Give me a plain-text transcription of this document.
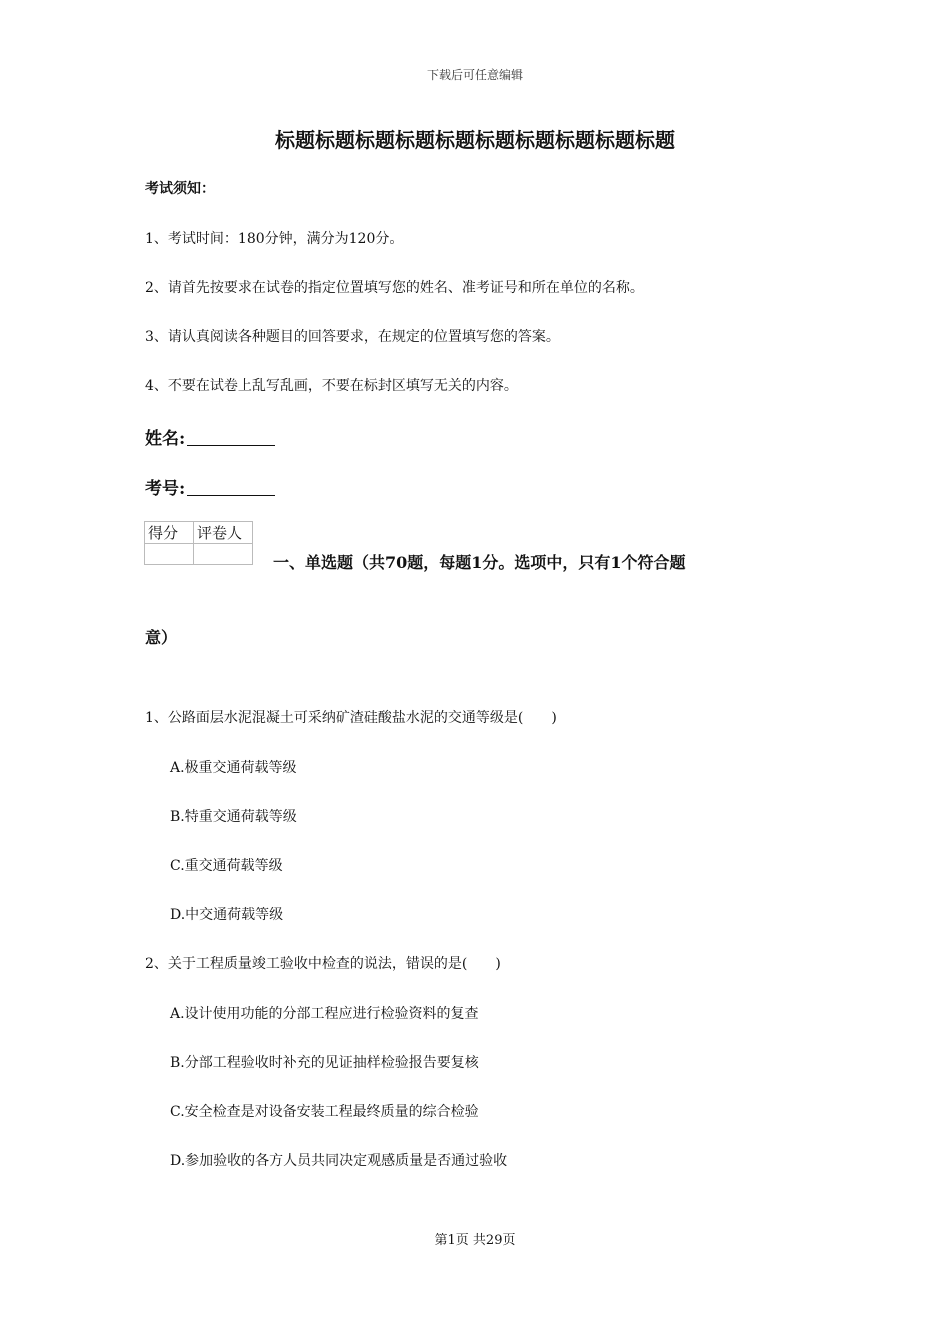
下载后可任意编辑
标题标题标题标题标题标题标题标题标题标题
考试须知：
1、考试时间：180分钟，满分为120分。
2、请首先按要求在试卷的指定位置填写您的姓名、准考证号和所在单位的名称。
3、请认真阅读各种题目的回答要求，在规定的位置填写您的答案。
4、不要在试卷上乱写乱画，不要在标封区填写无关的内容。
姓名:
考号:
得分	评卷人

一、单选题（共70题，每题1分。选项中，只有1个符合题
意）
1、公路面层水泥混凝土可采纳矿渣硅酸盐水泥的交通等级是(　　)
A.极重交通荷载等级
B.特重交通荷载等级
C.重交通荷载等级
D.中交通荷载等级
2、关于工程质量竣工验收中检查的说法，错误的是(　　)
A.设计使用功能的分部工程应进行检验资料的复查
B.分部工程验收时补充的见证抽样检验报告要复核
C.安全检查是对设备安装工程最终质量的综合检验
D.参加验收的各方人员共同决定观感质量是否通过验收
第1页 共29页
